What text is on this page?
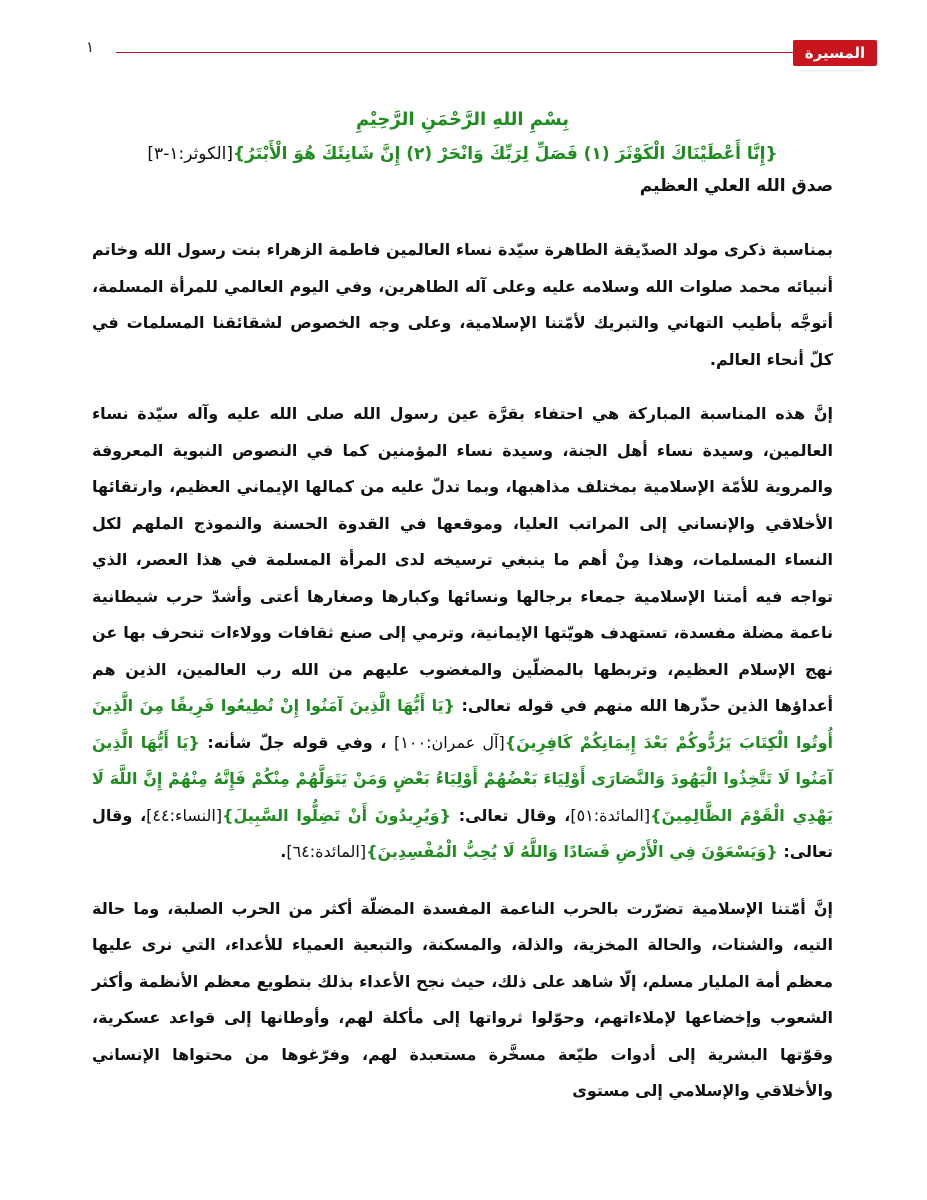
١	المسيرة

بِسْمِ اللهِ الرَّحْمَنِ الرَّحِيْمِ

{إِنَّا أَعْطَيْنَاكَ الْكَوْثَرَ (١) فَصَلِّ لِرَبِّكَ وَانْحَرْ (٢) إِنَّ شَانِئَكَ هُوَ الْأَبْتَرُ}[الكوثر:١-٣]

صدق الله العلي العظيم

بمناسبة ذكرى مولد الصدّيقة الطاهرة سيّدة نساء العالمين فاطمة الزهراء بنت رسول الله وخاتم أنبيائه محمد صلوات الله وسلامه عليه وعلى آله الطاهرين، وفي اليوم العالمي للمرأة المسلمة، أتوجَّه بأطيب التهاني والتبريك لأمّتنا الإسلامية، وعلى وجه الخصوص لشقائقنا المسلمات في كلّ أنحاء العالم.

إنَّ هذه المناسبة المباركة هي احتفاء بقرَّة عين رسول الله صلى الله عليه وآله سيّدة نساء العالمين، وسيدة نساء أهل الجنة، وسيدة نساء المؤمنين كما في النصوص النبوية المعروفة والمروية للأمّة الإسلامية بمختلف مذاهبها، وبما تدلّ عليه من كمالها الإيماني العظيم، وارتقائها الأخلاقي والإنساني إلى المراتب العليا، وموقعها في القدوة الحسنة والنموذج الملهم لكل النساء المسلمات، وهذا مِنْ أهم ما ينبغي ترسيخه لدى المرأة المسلمة في هذا العصر، الذي تواجه فيه أمتنا الإسلامية جمعاء برجالها ونسائها وكبارها وصغارها أعتى وأشدّ حرب شيطانية ناعمة مضلة مفسدة، تستهدف هويّتها الإيمانية، وترمي إلى صنع ثقافات وولاءات تنحرف بها عن نهج الإسلام العظيم، وتربطها بالمضلّين والمغضوب عليهم من الله رب العالمين، الذين هم أعداؤها الذين حذّرها الله منهم في قوله تعالى: {يَا أَيُّهَا الَّذِينَ آمَنُوا إِنْ تُطِيعُوا فَرِيقًا مِنَ الَّذِينَ أُوتُوا الْكِتَابَ يَرُدُّوكُمْ بَعْدَ إِيمَانِكُمْ كَافِرِينَ}[آل عمران:١٠٠] ، وفي قوله جلّ شأنه: {يَا أَيُّهَا الَّذِينَ آمَنُوا لَا تَتَّخِذُوا الْيَهُودَ وَالنَّصَارَى أَوْلِيَاءَ بَعْضُهُمْ أَوْلِيَاءُ بَعْضٍ وَمَنْ يَتَوَلَّهُمْ مِنْكُمْ فَإِنَّهُ مِنْهُمْ إِنَّ اللَّهَ لَا يَهْدِي الْقَوْمَ الظَّالِمِينَ}[المائدة:٥١]، وقال تعالى: {وَيُرِيدُونَ أَنْ تَضِلُّوا السَّبِيلَ}[النساء:٤٤]، وقال تعالى: {وَيَسْعَوْنَ فِي الْأَرْضِ فَسَادًا وَاللَّهُ لَا يُحِبُّ الْمُفْسِدِينَ}[المائدة:٦٤].

إنَّ أمّتنا الإسلامية تضرّرت بالحرب الناعمة المفسدة المضلّة أكثر من الحرب الصلبة، وما حالة التيه، والشتات، والحالة المخزية، والذلة، والمسكنة، والتبعية العمياء للأعداء، التي نرى عليها معظم أمة المليار مسلم، إلّا شاهد على ذلك، حيث نجح الأعداء بذلك بتطويع معظم الأنظمة وأكثر الشعوب وإخضاعها لإملاءاتهم، وحوّلوا ثرواتها إلى مأكلة لهم، وأوطانها إلى قواعد عسكرية، وقوّتها البشرية إلى أدوات طيّعة مسخَّرة مستعبدة لهم، وفرّغوها من محتواها الإنساني والأخلاقي والإسلامي إلى مستوى
